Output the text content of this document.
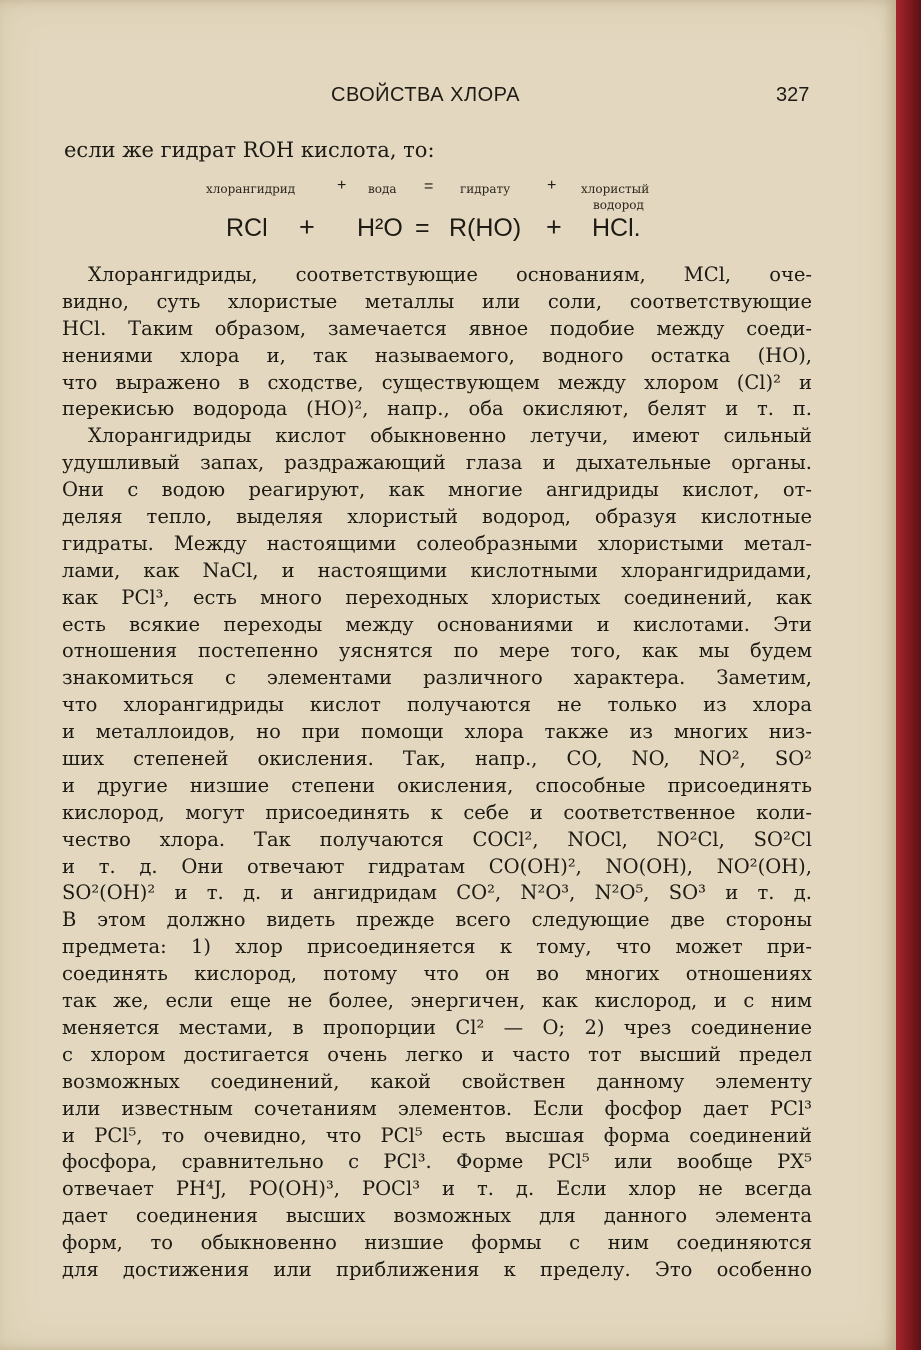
СВОЙСТВА ХЛОРА	327
если же гидрат ROH кислота, то:
хлорангидрид	+ вода = гидрату + хлористый
водород
RCl + H²O = R(HO) + HCl.
Хлорангидриды, соответствующие основаниям, MCl, оче-
видно, суть хлористые металлы или соли, соответствующие
HCl. Таким образом, замечается явное подобие между соеди-
нениями хлора и, так называемого, водного остатка (HO),
что выражено в сходстве, существующем между хлором (Cl)² и
перекисью водорода (HO)², напр., оба окисляют, белят и т. п.
Хлорангидриды кислот обыкновенно летучи, имеют сильный
удушливый запах, раздражающий глаза и дыхательные органы.
Они с водою реагируют, как многие ангидриды кислот, от-
деляя тепло, выделяя хлористый водород, образуя кислотные
гидраты. Между настоящими солеобразными хлористыми метал-
лами, как NaCl, и настоящими кислотными хлорангидридами,
как PCl³, есть много переходных хлористых соединений, как
есть всякие переходы между основаниями и кислотами. Эти
отношения постепенно уяснятся по мере того, как мы будем
знакомиться с элементами различного характера. Заметим,
что хлорангидриды кислот получаются не только из хлора
и металлоидов, но при помощи хлора также из многих низ-
ших степеней окисления. Так, напр., CO, NO, NO², SO²
и другие низшие степени окисления, способные присоединять
кислород, могут присоединять к себе и соответственное коли-
чество хлора. Так получаются COCl², NOCl, NO²Cl, SO²Cl
и т. д. Они отвечают гидратам CO(OH)², NO(OH), NO²(OH),
SO²(OH)² и т. д. и ангидридам CO², N²O³, N²O⁵, SO³ и т. д.
В этом должно видеть прежде всего следующие две стороны
предмета: 1) хлор присоединяется к тому, что может при-
соединять кислород, потому что он во многих отношениях
так же, если еще не более, энергичен, как кислород, и с ним
меняется местами, в пропорции Cl² — O; 2) чрез соединение
с хлором достигается очень легко и часто тот высший предел
возможных соединений, какой свойствен данному элементу
или известным сочетаниям элементов. Если фосфор дает PCl³
и PCl⁵, то очевидно, что PCl⁵ есть высшая форма соединений
фосфора, сравнительно с PCl³. Форме PCl⁵ или вообще PX⁵
отвечает PH⁴J, PO(OH)³, POCl³ и т. д. Если хлор не всегда
дает соединения высших возможных для данного элемента
форм, то обыкновенно низшие формы с ним соединяются
для достижения или приближения к пределу. Это особенно
